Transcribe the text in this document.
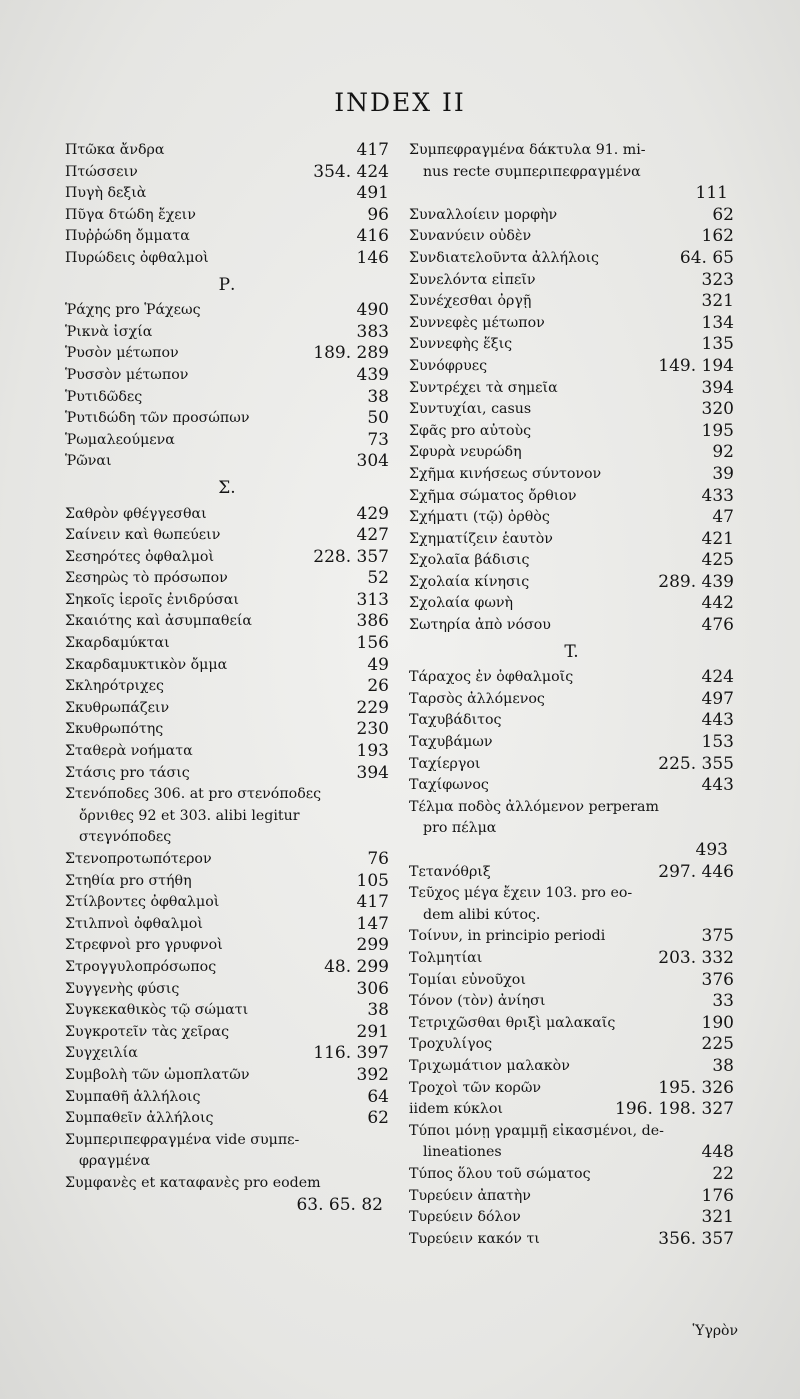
INDEX II
Πτῶκα ἄνδρα	417
Πτώσσειν	354. 424
Πυγὴ δεξιὰ	491
Πῦγα δτώδη ἔχειν	96
Πυῤῥώδη ὄμματα	416
Πυρώδεις ὀφθαλμοὶ	146
Ρ.
Ῥάχης pro Ῥάχεως	490
Ῥικνὰ ἰσχία	383
Ῥυσὸν μέτωπον	189. 289
Ῥυσσὸν μέτωπον	439
Ῥυτιδῶδες	38
Ῥυτιδώδη τῶν προσώπων	50
Ῥωμαλεούμενα	73
Ῥῶναι	304
Σ.
Σαθρὸν φθέγγεσθαι	429
Σαίνειν καὶ θωπεύειν	427
Σεσηρότες ὀφθαλμοὶ	228. 357
Σεσηρὼς τὸ πρόσωπον	52
Σηκοῖς ἱεροῖς ἐνιδρύσαι	313
Σκαιότης καὶ ἀσυμπαθεία	386
Σκαρδαμύκται	156
Σκαρδαμυκτικὸν ὄμμα	49
Σκληρότριχες	26
Σκυθρωπάζειν	229
Σκυθρωπότης	230
Σταθερὰ νοήματα	193
Στάσις pro τάσις	394
Στενόποδες 306. at pro στενόποδες
ὄρνιθες 92 et 303. alibi legitur
στεγνόποδες
Στενοπροτωπότερον	76
Στηθία pro στήθη	105
Στίλβοντες ὀφθαλμοὶ	417
Στιλπνοὶ ὀφθαλμοὶ	147
Στρεφνοὶ pro γρυφνοὶ	299
Στρογγυλοπρόσωπος	48. 299
Συγγενὴς φύσις	306
Συγκεκαθικὸς τῷ σώματι	38
Συγκροτεῖν τὰς χεῖρας	291
Συγχειλία	116. 397
Συμβολὴ τῶν ὠμοπλατῶν	392
Συμπαθῆ ἀλλήλοις	64
Συμπαθεῖν ἀλλήλοις	62
Συμπεριπεφραγμένα vide συμπε-
φραγμένα
Συμφανὲς et καταφανὲς pro eodem
63. 65. 82
Συμπεφραγμένα δάκτυλα 91. mi-
nus recte συμπεριπεφραγμένα
111
Συναλλοίειν μορφὴν	62
Συνανύειν οὐδὲν	162
Συνδιατελοῦντα ἀλλήλοις	64. 65
Συνελόντα εἰπεῖν	323
Συνέχεσθαι ὀργῇ	321
Συννεφὲς μέτωπον	134
Συννεφὴς ἕξις	135
Συνόφρυες	149. 194
Συντρέχει τὰ σημεῖα	394
Συντυχίαι, casus	320
Σφᾶς pro αὐτοὺς	195
Σφυρὰ νευρώδη	92
Σχῆμα κινήσεως σύντονον	39
Σχῆμα σώματος ὄρθιον	433
Σχήματι (τῷ) ὀρθὸς	47
Σχηματίζειν ἑαυτὸν	421
Σχολαῖα βάδισις	425
Σχολαία κίνησις	289. 439
Σχολαία φωνὴ	442
Σωτηρία ἀπὸ νόσου	476
T.
Τάραχος ἐν ὀφθαλμοῖς	424
Ταρσὸς ἀλλόμενος	497
Ταχυβάδιτος	443
Ταχυβάμων	153
Ταχίεργοι	225. 355
Ταχίφωνος	443
Τέλμα ποδὸς ἀλλόμενον perperam
pro πέλμα
493
Τετανόθριξ	297. 446
Τεῦχος μέγα ἔχειν 103. pro eo-
dem alibi κύτος.
Τοίνυν, in principio periodi	375
Τολμητίαι	203. 332
Τομίαι εὐνοῦχοι	376
Τόνον (τὸν) ἀνίησι	33
Τετριχῶσθαι θριξὶ μαλακαῖς	190
Τροχυλίγος	225
Τριχωμάτιον μαλακὸν	38
Τροχοὶ τῶν κορῶν	195. 326
iidem κύκλοι	196. 198. 327
Τύποι μόνῃ γραμμῇ εἰκασμένοι, de-
lineationes	448
Τύπος ὅλου τοῦ σώματος	22
Τυρεύειν ἀπατὴν	176
Τυρεύειν δόλον	321
Τυρεύειν κακόν τι	356. 357
Ὑγρὸν
